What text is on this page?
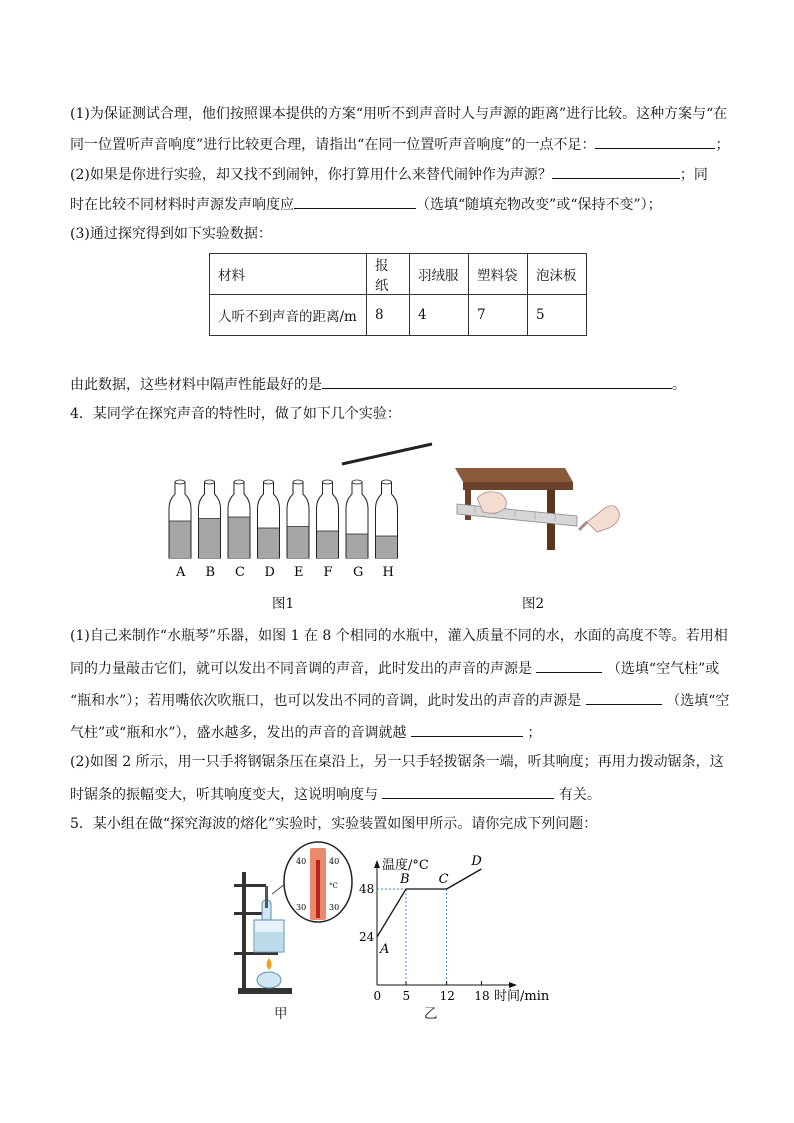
(1)为保证测试合理，他们按照课本提供的方案“用听不到声音时人与声源的距离”进行比较。这种方案与“在
同一位置听声音响度”进行比较更合理，请指出“在同一位置听声音响度”的一点不足：	；
(2)如果是你进行实验，却又找不到闹钟，你打算用什么来替代闹钟作为声源？	；同
时在比较不同材料时声源发声响度应	（选填“随填充物改变”或“保持不变”）；
(3)通过探究得到如下实验数据：
材料	报纸	羽绒服	塑料袋	泡沫板
人听不到声音的距离/m	8	4	7	5
由此数据，这些材料中隔声性能最好的是	。
4．某同学在探究声音的特性时，做了如下几个实验：
A B C D E F G H
图1	图2
(1)自己来制作“水瓶琴”乐器，如图 1 在 8 个相同的水瓶中，灌入质量不同的水，水面的高度不等。若用相
同的力量敲击它们，就可以发出不同音调的声音，此时发出的声音的声源是	（选填“空气柱”或
“瓶和水”）；若用嘴依次吹瓶口，也可以发出不同的音调，此时发出的声音的声源是	（选填“空
气柱”或“瓶和水”），盛水越多，发出的声音的音调就越	；
(2)如图 2 所示，用一只手将钢锯条压在桌沿上，另一只手轻拨锯条一端，听其响度；再用力拨动锯条，这
时锯条的振幅变大，听其响度变大，这说明响度与	有关。
5．某小组在做“探究海波的熔化”实验时，实验装置如图甲所示。请你完成下列问题：
40
30
40
30
°C
甲
温度/°C
时间/min
A
B C
D
0 5 12 18
24
48
乙
